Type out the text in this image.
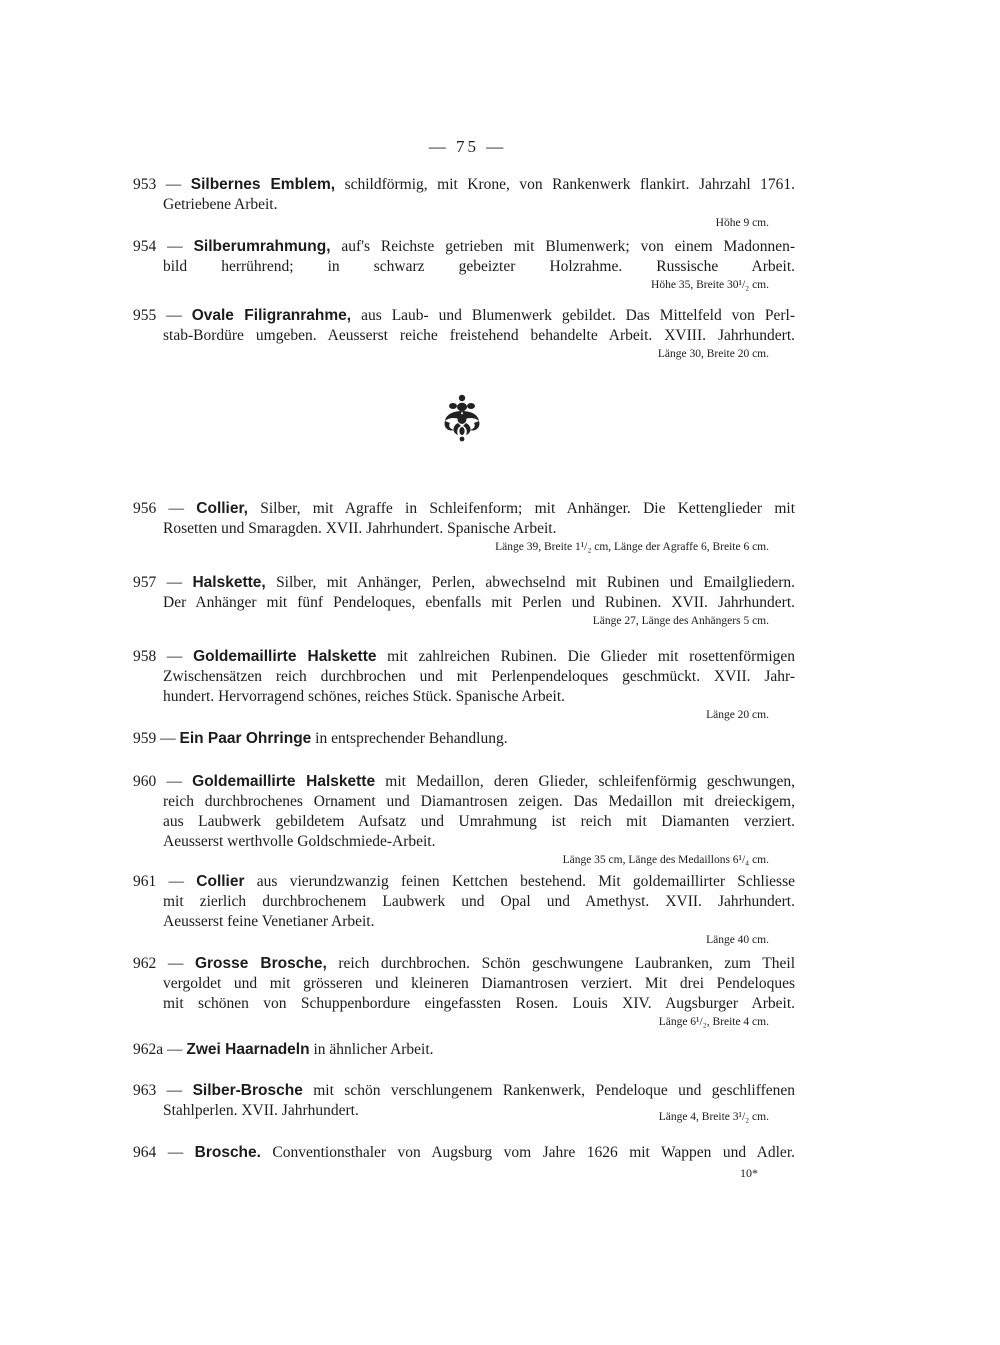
— 75 —
953 — Silbernes Emblem, schildförmig, mit Krone, von Rankenwerk flankirt. Jahrzahl 1761.
Getriebene Arbeit.
Höhe 9 cm.
954 — Silberumrahmung, auf's Reichste getrieben mit Blumenwerk; von einem Madonnen-
bild herrührend; in schwarz gebeizter Holzrahme. Russische Arbeit.
Höhe 35, Breite 30¹/₂ cm.
955 — Ovale Filigranrahme, aus Laub- und Blumenwerk gebildet. Das Mittelfeld von Perl-
stab-Bordüre umgeben. Aeusserst reiche freistehend behandelte Arbeit. XVIII. Jahrhundert.
Länge 30, Breite 20 cm.
956 — Collier, Silber, mit Agraffe in Schleifenform; mit Anhänger. Die Kettenglieder mit
Rosetten und Smaragden. XVII. Jahrhundert. Spanische Arbeit.
Länge 39, Breite 1¹/₂ cm, Länge der Agraffe 6, Breite 6 cm.
957 — Halskette, Silber, mit Anhänger, Perlen, abwechselnd mit Rubinen und Emailgliedern.
Der Anhänger mit fünf Pendeloques, ebenfalls mit Perlen und Rubinen. XVII. Jahrhundert.
Länge 27, Länge des Anhängers 5 cm.
958 — Goldemaillirte Halskette mit zahlreichen Rubinen. Die Glieder mit rosettenförmigen
Zwischensätzen reich durchbrochen und mit Perlenpendeloques geschmückt. XVII. Jahr-
hundert. Hervorragend schönes, reiches Stück. Spanische Arbeit.
Länge 20 cm.
959 — Ein Paar Ohrringe in entsprechender Behandlung.
960 — Goldemaillirte Halskette mit Medaillon, deren Glieder, schleifenförmig geschwungen,
reich durchbrochenes Ornament und Diamantrosen zeigen. Das Medaillon mit dreieckigem,
aus Laubwerk gebildetem Aufsatz und Umrahmung ist reich mit Diamanten verziert.
Aeusserst werthvolle Goldschmiede-Arbeit.
Länge 35 cm, Länge des Medaillons 6¹/₄ cm.
961 — Collier aus vierundzwanzig feinen Kettchen bestehend. Mit goldemaillirter Schliesse
mit zierlich durchbrochenem Laubwerk und Opal und Amethyst. XVII. Jahrhundert.
Aeusserst feine Venetianer Arbeit.
Länge 40 cm.
962 — Grosse Brosche, reich durchbrochen. Schön geschwungene Laubranken, zum Theil
vergoldet und mit grösseren und kleineren Diamantrosen verziert. Mit drei Pendeloques
mit schönen von Schuppenbordure eingefassten Rosen. Louis XIV. Augsburger Arbeit.
Länge 6¹/₂, Breite 4 cm.
962a — Zwei Haarnadeln in ähnlicher Arbeit.
963 — Silber-Brosche mit schön verschlungenem Rankenwerk, Pendeloque und geschliffenen
Stahlperlen. XVII. Jahrhundert.	Länge 4, Breite 3¹/₂ cm.
964 — Brosche. Conventionsthaler von Augsburg vom Jahre 1626 mit Wappen und Adler.
10*
